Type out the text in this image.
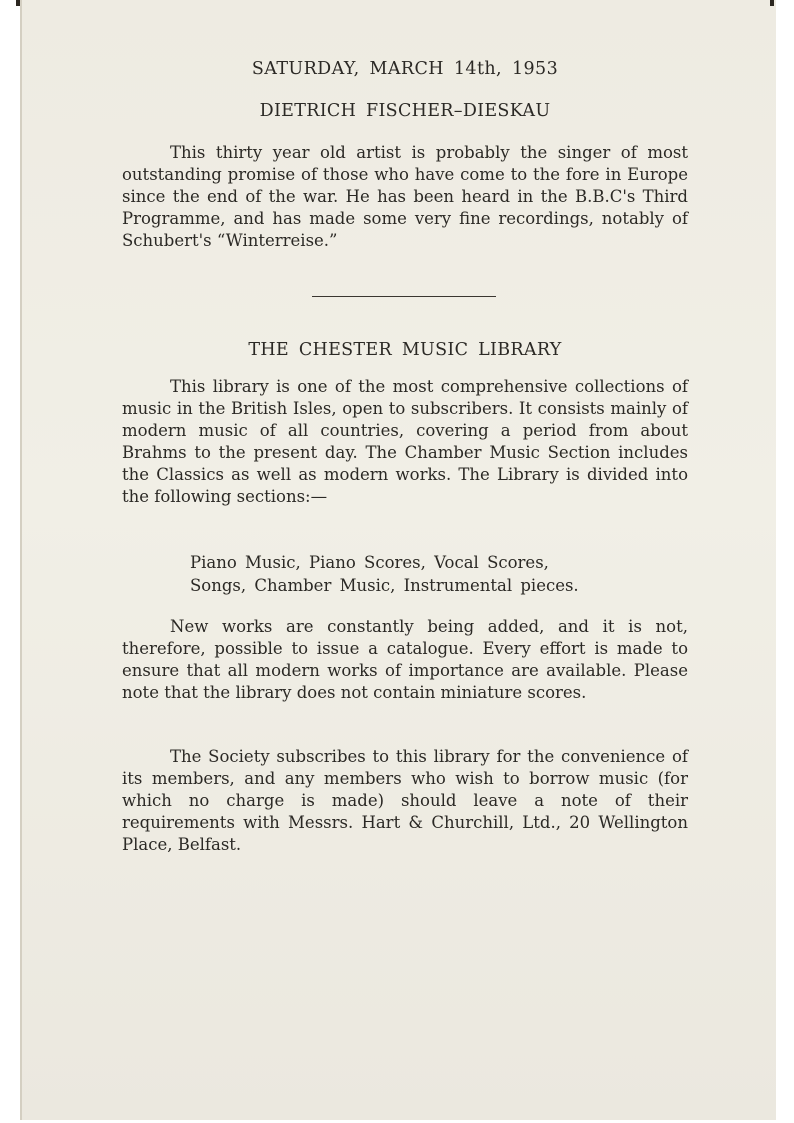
SATURDAY, MARCH 14th, 1953
DIETRICH FISCHER–DIESKAU

This thirty year old artist is probably the singer of most outstanding promise of those who have come to the fore in Europe since the end of the war. He has been heard in the B.B.C's Third Programme, and has made some very fine recordings, notably of Schubert's “Winterreise.”

THE CHESTER MUSIC LIBRARY

This library is one of the most comprehensive collections of music in the British Isles, open to subscribers. It consists mainly of modern music of all countries, covering a period from about Brahms to the present day. The Chamber Music Section includes the Classics as well as modern works. The Library is divided into the following sections:—

Piano Music, Piano Scores, Vocal Scores,
Songs, Chamber Music, Instrumental pieces.

New works are constantly being added, and it is not, therefore, possible to issue a catalogue. Every effort is made to ensure that all modern works of importance are available. Please note that the library does not contain miniature scores.

The Society subscribes to this library for the convenience of its members, and any members who wish to borrow music (for which no charge is made) should leave a note of their requirements with Messrs. Hart & Churchill, Ltd., 20 Wellington Place, Belfast.
